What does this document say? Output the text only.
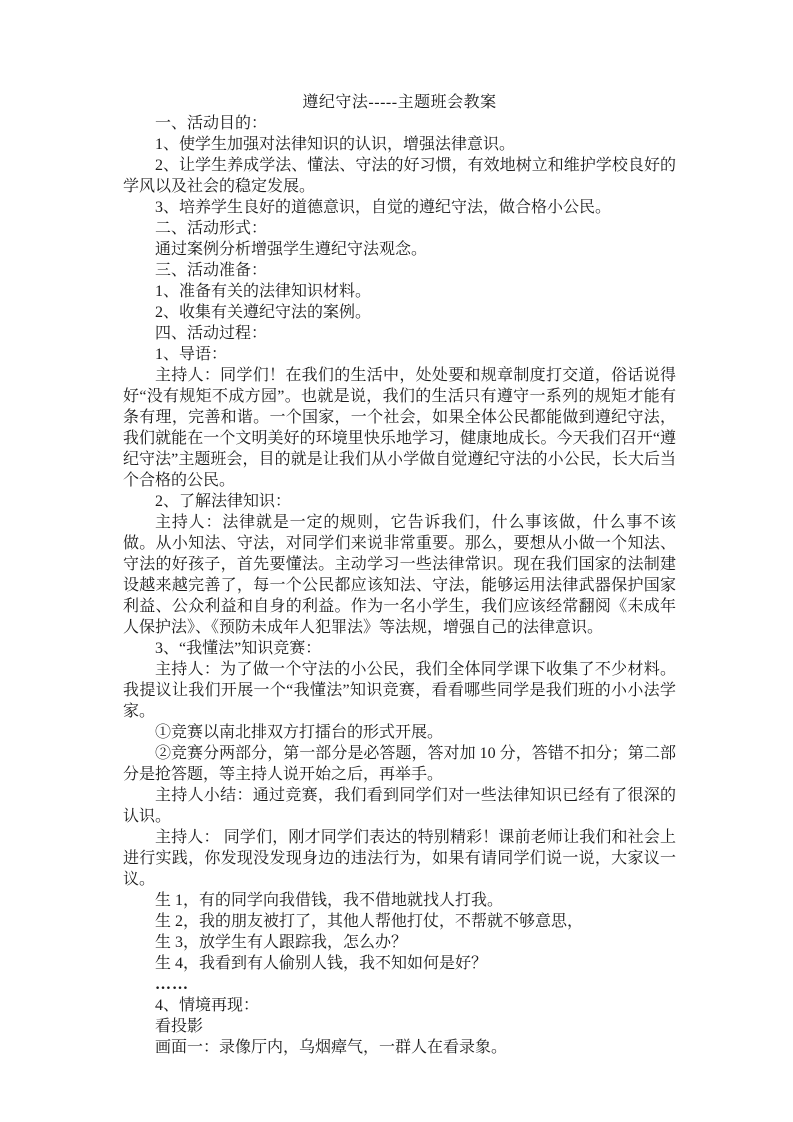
遵纪守法-----主题班会教案

一、活动目的：

1、使学生加强对法律知识的认识，增强法律意识。

2、让学生养成学法、懂法、守法的好习惯，有效地树立和维护学校良好的学风以及社会的稳定发展。

3、培养学生良好的道德意识，自觉的遵纪守法，做合格小公民。

二、活动形式：

通过案例分析增强学生遵纪守法观念。

三、活动准备：

1、准备有关的法律知识材料。

2、收集有关遵纪守法的案例。

四、活动过程：

1、导语：

主持人：同学们！在我们的生活中，处处要和规章制度打交道，俗话说得好“没有规矩不成方园”。也就是说，我们的生活只有遵守一系列的规矩才能有条有理，完善和谐。一个国家，一个社会，如果全体公民都能做到遵纪守法，我们就能在一个文明美好的环境里快乐地学习，健康地成长。今天我们召开“遵纪守法”主题班会，目的就是让我们从小学做自觉遵纪守法的小公民，长大后当个合格的公民。

2、了解法律知识：

主持人：法律就是一定的规则，它告诉我们，什么事该做，什么事不该做。从小知法、守法，对同学们来说非常重要。那么，要想从小做一个知法、守法的好孩子，首先要懂法。主动学习一些法律常识。现在我们国家的法制建设越来越完善了，每一个公民都应该知法、守法，能够运用法律武器保护国家利益、公众利益和自身的利益。作为一名小学生，我们应该经常翻阅《未成年人保护法》、《预防未成年人犯罪法》等法规，增强自己的法律意识。

3、“我懂法”知识竞赛：

主持人：为了做一个守法的小公民，我们全体同学课下收集了不少材料。我提议让我们开展一个“我懂法”知识竞赛，看看哪些同学是我们班的小小法学家。

①竞赛以南北排双方打擂台的形式开展。

②竞赛分两部分，第一部分是必答题，答对加 10 分，答错不扣分；第二部分是抢答题，等主持人说开始之后，再举手。

主持人小结：通过竞赛，我们看到同学们对一些法律知识已经有了很深的认识。

主持人： 同学们，刚才同学们表达的特别精彩！课前老师让我们和社会上进行实践，你发现没发现身边的违法行为，如果有请同学们说一说，大家议一议。

生 1，有的同学向我借钱，我不借地就找人打我。

生 2，我的朋友被打了，其他人帮他打仗，不帮就不够意思，

生 3，放学生有人跟踪我，怎么办？

生 4，我看到有人偷别人钱，我不知如何是好？

……

4、情境再现：

看投影

画面一：录像厅内，乌烟瘴气，一群人在看录象。
